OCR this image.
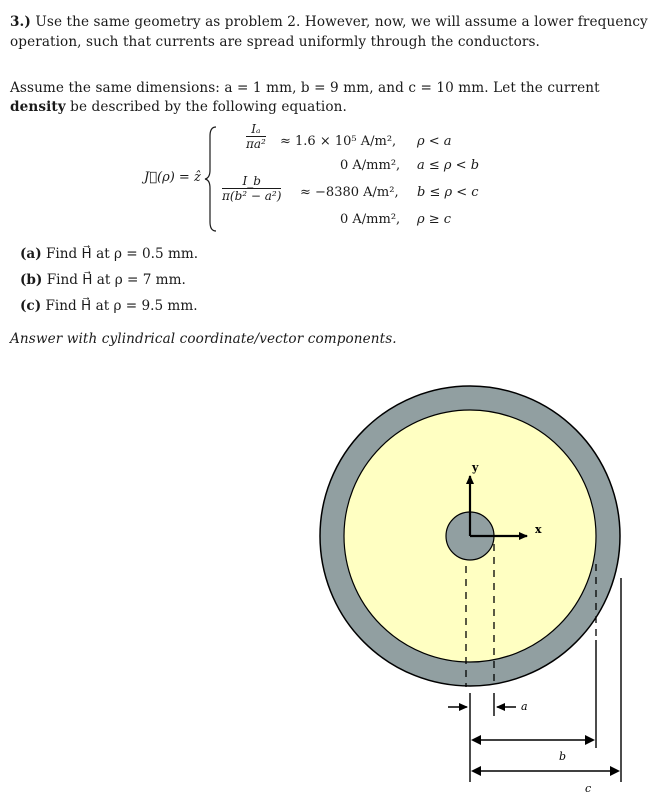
3.) Use the same geometry as problem 2. However, now, we will assume a lower frequency
operation, such that currents are spread uniformly through the conductors.
Assume the same dimensions: a = 1 mm, b = 9 mm, and c = 10 mm. Let the current
density be described by the following equation.
J⃗(ρ) = ẑ
$\frac{\text{Iₐ}}{\text{πa²}} \approx 1.6 \times 10^5$ A/m², ρ < a
0 A/mm², a ≤ ρ < b
$\frac{I\_b}{\text{π(b² − a²)}} \approx -8380$ A/m², b ≤ ρ < c
0 A/mm², ρ ≥ c
(a) Find H⃗ at ρ = 0.5 mm.
(b) Find H⃗ at ρ = 7 mm.
(c) Find H⃗ at ρ = 9.5 mm.
Answer with cylindrical coordinate/vector components.
y
x
a
b
c
